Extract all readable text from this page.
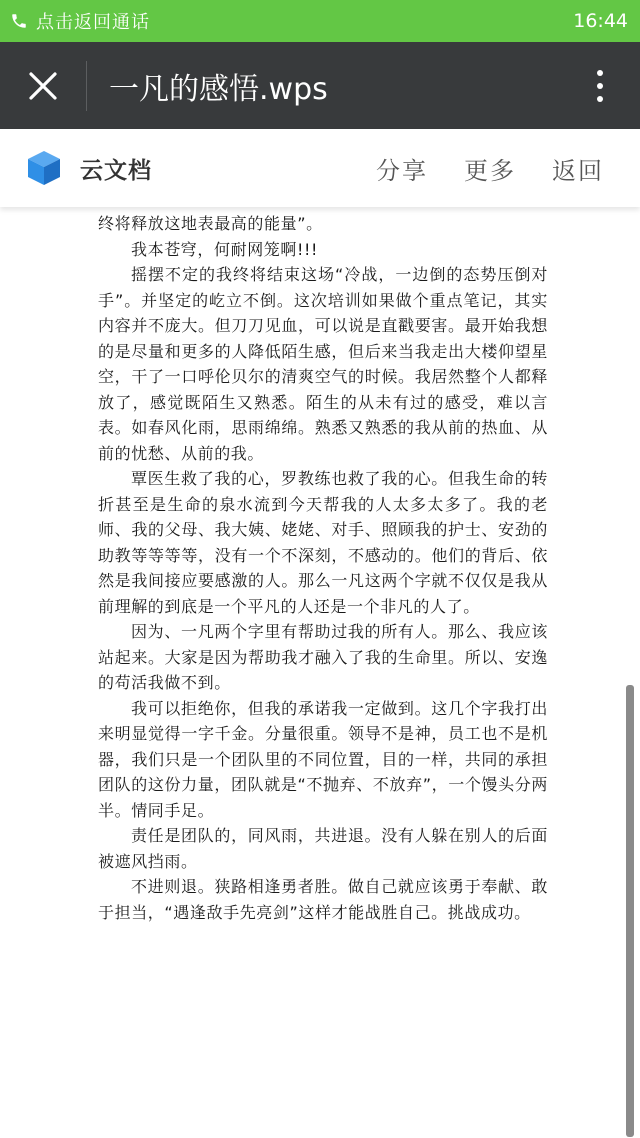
点击返回通话	16:44
一凡的感悟.wps
云文档	分享 更多 返回

终将释放这地表最高的能量”。

我本苍穹，何耐网笼啊!!!

摇摆不定的我终将结束这场“冷战，一边倒的态势压倒对手”。并坚定的屹立不倒。这次培训如果做个重点笔记，其实内容并不庞大。但刀刀见血，可以说是直戳要害。最开始我想的是尽量和更多的人降低陌生感，但后来当我走出大楼仰望星空，干了一口呼伦贝尔的清爽空气的时候。我居然整个人都释放了，感觉既陌生又熟悉。陌生的从未有过的感受，难以言表。如春风化雨，思雨绵绵。熟悉又熟悉的我从前的热血、从前的忧愁、从前的我。

覃医生救了我的心，罗教练也救了我的心。但我生命的转折甚至是生命的泉水流到今天帮我的人太多太多了。我的老师、我的父母、我大姨、姥姥、对手、照顾我的护士、安劲的助教等等等等，没有一个不深刻，不感动的。他们的背后、依然是我间接应要感激的人。那么一凡这两个字就不仅仅是我从前理解的到底是一个平凡的人还是一个非凡的人了。

因为、一凡两个字里有帮助过我的所有人。那么、我应该站起来。大家是因为帮助我才融入了我的生命里。所以、安逸的苟活我做不到。

我可以拒绝你，但我的承诺我一定做到。这几个字我打出来明显觉得一字千金。分量很重。领导不是神，员工也不是机器，我们只是一个团队里的不同位置，目的一样，共同的承担团队的这份力量，团队就是“不抛弃、不放弃”，一个馒头分两半。情同手足。

责任是团队的，同风雨，共进退。没有人躲在别人的后面被遮风挡雨。

不进则退。狭路相逢勇者胜。做自己就应该勇于奉献、敢于担当，“遇逢敌手先亮剑”这样才能战胜自己。挑战成功。
